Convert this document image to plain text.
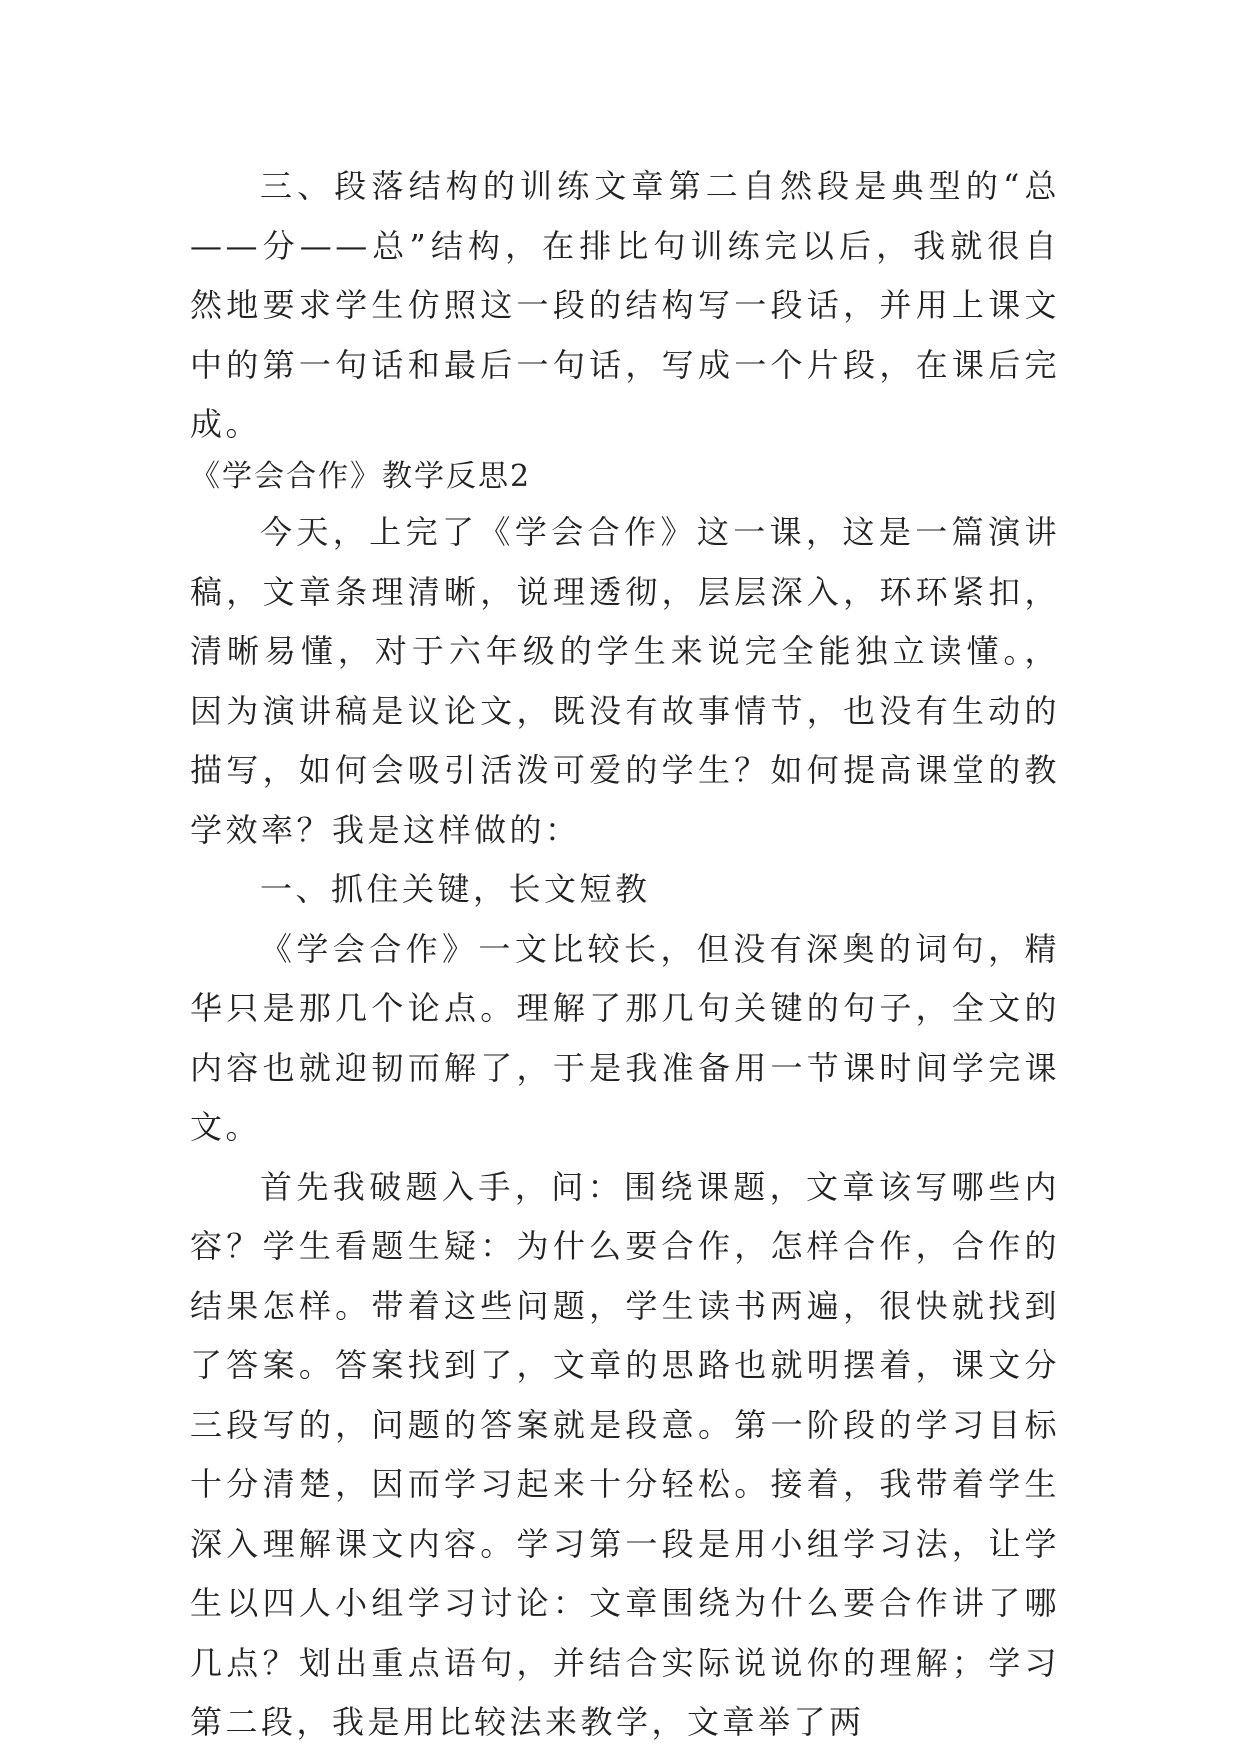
三、段落结构的训练文章第二自然段是典型的“总——分——总”结构，在排比句训练完以后，我就很自然地要求学生仿照这一段的结构写一段话，并用上课文中的第一句话和最后一句话，写成一个片段，在课后完成。

《学会合作》教学反思2

今天，上完了《学会合作》这一课，这是一篇演讲稿，文章条理清晰，说理透彻，层层深入，环环紧扣，清晰易懂，对于六年级的学生来说完全能独立读懂。，因为演讲稿是议论文，既没有故事情节，也没有生动的描写，如何会吸引活泼可爱的学生？如何提高课堂的教学效率？我是这样做的：

一、抓住关键，长文短教

《学会合作》一文比较长，但没有深奥的词句，精华只是那几个论点。理解了那几句关键的句子，全文的内容也就迎韧而解了，于是我准备用一节课时间学完课文。

首先我破题入手，问：围绕课题，文章该写哪些内容？学生看题生疑：为什么要合作，怎样合作，合作的结果怎样。带着这些问题，学生读书两遍，很快就找到了答案。答案找到了，文章的思路也就明摆着，课文分三段写的，问题的答案就是段意。第一阶段的学习目标十分清楚，因而学习起来十分轻松。接着，我带着学生深入理解课文内容。学习第一段是用小组学习法，让学生以四人小组学习讨论：文章围绕为什么要合作讲了哪几点？划出重点语句，并结合实际说说你的理解；学习第二段，我是用比较法来教学，文章举了两
